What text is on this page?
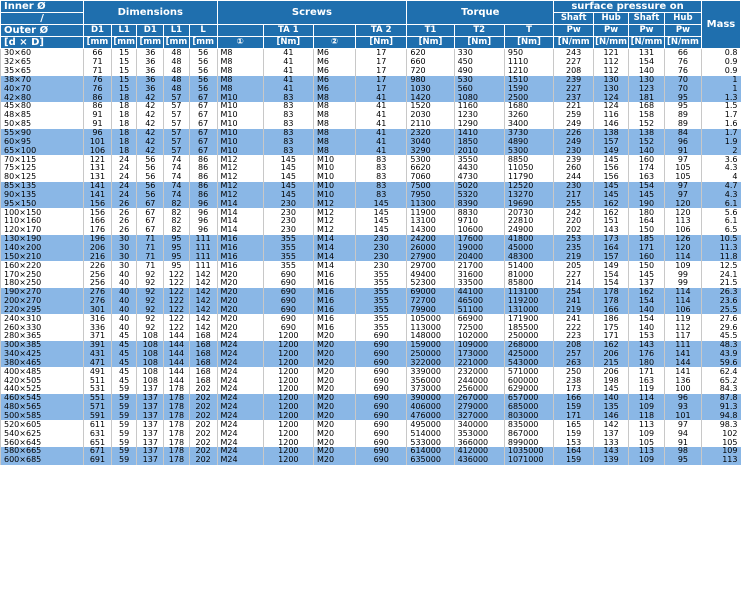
Inner Ø	Dimensions					Screws				Torque			surface pressure on				Mass
/													Shaft	Hub	Shaft	Hub	
Outer Ø	D1	L1	D1	L1	L		TA 1		TA 2	T1	T2	T	Pw	Pw	Pw	Pw	
[d × D]	[mm	[mm	[mm	[mm	[mm	①	[Nm]	②	[Nm]	[Nm]	[Nm]	[Nm]	[N/mm	[N/mm	[N/mm	[N/mm	
30×60	66	15	36	48	56	M8	41	M6	17	620	330	950	243	121	131	66	0.8
32×65	71	15	36	48	56	M8	41	M6	17	660	450	1110	227	112	154	76	0.9
35×65	71	15	36	48	56	M8	41	M6	17	720	490	1210	208	112	140	76	0.9
38×70	76	15	36	48	56	M8	41	M6	17	980	530	1510	239	130	130	70	1
40×70	76	15	36	48	56	M8	41	M6	17	1030	560	1590	227	130	123	70	1
42×80	86	18	42	57	67	M10	83	M8	41	1420	1080	2500	237	124	181	95	1.3
45×80	86	18	42	57	67	M10	83	M8	41	1520	1160	1680	221	124	168	95	1.5
48×85	91	18	42	57	67	M10	83	M8	41	2030	1230	3260	259	116	158	89	1.7
50×85	91	18	42	57	67	M10	83	M8	41	2110	1290	3400	249	146	152	89	1.6
55×90	96	18	42	57	67	M10	83	M8	41	2320	1410	3730	226	138	138	84	1.7
60×95	101	18	42	57	67	M10	83	M8	41	3040	1850	4890	249	157	152	96	1.9
65×100	106	18	42	57	67	M10	83	M8	41	3290	2010	5300	230	149	140	91	2
70×115	121	24	56	74	86	M12	145	M10	83	5300	3550	8850	239	145	160	97	3.6
75×125	131	24	56	74	86	M12	145	M10	83	6620	4430	11050	260	156	174	105	4.3
80×125	131	24	56	74	86	M12	145	M10	83	7060	4730	11790	244	156	163	105	4
85×135	141	24	56	74	86	M12	145	M10	83	7500	5020	12520	230	145	154	97	4.7
90×135	141	24	56	74	86	M12	145	M10	83	7950	5320	13270	217	145	145	97	4.3
95×150	156	26	67	82	96	M14	230	M12	145	11300	8390	19690	255	162	190	120	6.1
100×150	156	26	67	82	96	M14	230	M12	145	11900	8830	20730	242	162	180	120	5.6
110×160	166	26	67	82	96	M14	230	M12	145	13100	9710	22810	220	151	164	113	6.1
120×170	176	26	67	82	96	M14	230	M12	145	14300	10600	24900	202	143	150	106	6.5
130×190	196	30	71	95	111	M16	355	M14	230	24200	17600	41800	253	173	185	126	10.5
140×200	206	30	71	95	111	M16	355	M14	230	26000	19000	45000	235	164	171	120	11.3
150×210	216	30	71	95	111	M16	355	M14	230	27900	20400	48300	219	157	160	114	11.8
160×220	226	30	71	95	111	M16	355	M14	230	29700	21700	51400	205	149	150	109	12.5
170×250	256	40	92	122	142	M20	690	M16	355	49400	31600	81000	227	154	145	99	24.1
180×250	256	40	92	122	142	M20	690	M16	355	52300	33500	85800	214	154	137	99	21.5
190×270	276	40	92	122	142	M20	690	M16	355	69000	44100	113100	254	178	162	114	26.3
200×270	276	40	92	122	142	M20	690	M16	355	72700	46500	119200	241	178	154	114	23.6
220×295	301	40	92	122	142	M20	690	M16	355	79900	51100	131000	219	166	140	106	25.5
240×310	316	40	92	122	142	M20	690	M16	355	105000	66900	171900	241	186	154	119	27.6
260×330	336	40	92	122	142	M20	690	M16	355	113000	72500	185500	222	175	140	112	29.6
280×365	371	45	108	144	168	M24	1200	M20	690	148000	102000	250000	223	171	153	117	45.5
300×385	391	45	108	144	168	M24	1200	M20	690	159000	109000	268000	208	162	143	111	48.3
340×425	431	45	108	144	168	M24	1200	M20	690	250000	173000	425000	257	206	176	141	43.9
380×465	471	45	108	144	168	M24	1200	M20	690	322000	221000	543000	263	215	180	144	59.6
400×485	491	45	108	144	168	M24	1200	M20	690	339000	232000	571000	250	206	171	141	62.4
420×505	511	45	108	144	168	M24	1200	M20	690	356000	244000	600000	238	198	163	136	65.2
440×525	531	59	137	178	202	M24	1200	M20	690	373000	256000	629000	173	145	119	100	84.3
460×545	551	59	137	178	202	M24	1200	M20	690	390000	267000	657000	166	140	114	96	87.8
480×565	571	59	137	178	202	M24	1200	M20	690	406000	279000	685000	159	135	109	93	91.3
500×585	591	59	137	178	202	M24	1200	M20	690	476000	327000	803000	171	146	118	101	94.8
520×605	611	59	137	178	202	M24	1200	M20	690	495000	340000	835000	165	142	113	97	98.3
540×625	631	59	137	178	202	M24	1200	M20	690	514000	353000	867000	159	137	109	94	102
560×645	651	59	137	178	202	M24	1200	M20	690	533000	366000	899000	153	133	105	91	105
580×665	671	59	137	178	202	M24	1200	M20	690	614000	412000	1035000	164	143	113	98	109
600×685	691	59	137	178	202	M24	1200	M20	690	635000	436000	1071000	159	139	109	95	113
